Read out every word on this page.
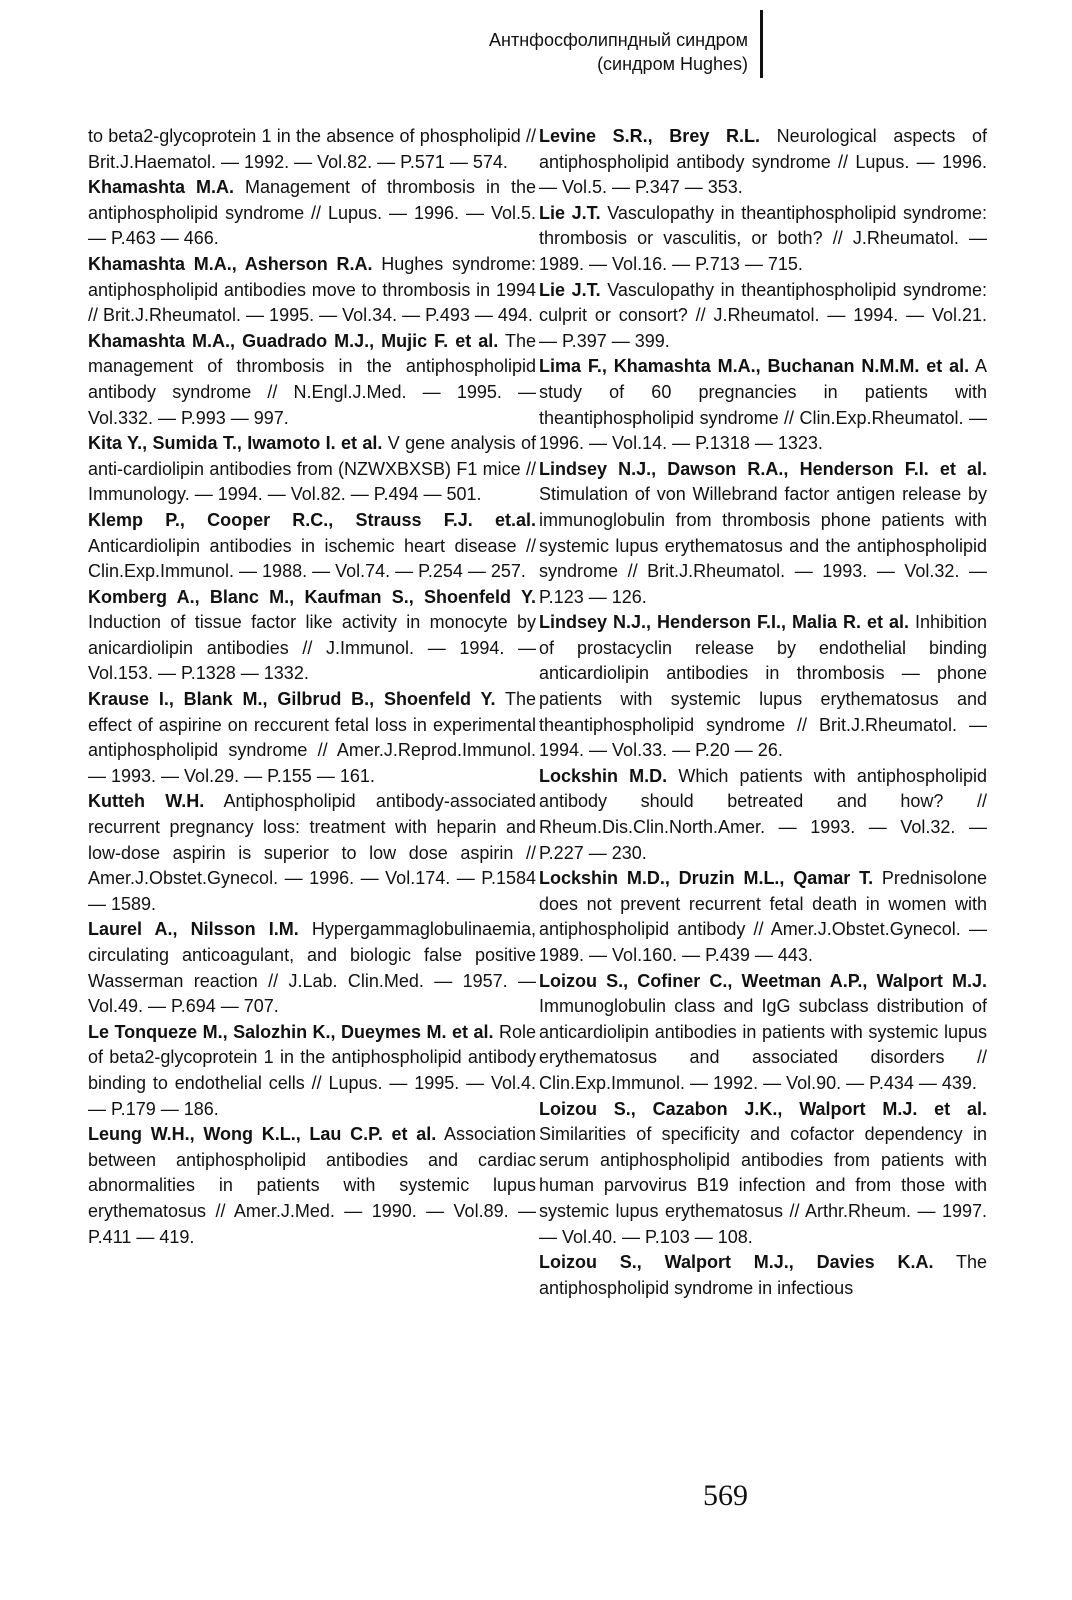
Антнфосфолипндный синдром
(синдром Hughes)

to beta2-glycoprotein 1 in the absence of phospholipid // Brit.J.Haematol. — 1992. — Vol.82. — P.571 — 574.

Khamashta M.A. Management of thrombosis in the antiphospholipid syndrome // Lupus. — 1996. — Vol.5. — P.463 — 466.

Khamashta M.A., Asherson R.A. Hughes syndrome: antiphospholipid antibodies move to thrombosis in 1994 // Brit.J.Rheumatol. — 1995. — Vol.34. — P.493 — 494.

Khamashta M.A., Guadrado M.J., Mujic F. et al. The management of thrombosis in the antiphospholipid antibody syndrome // N.Engl.J.Med. — 1995. — Vol.332. — P.993 — 997.

Kita Y., Sumida T., Iwamoto I. et al. V gene analysis of anti-cardiolipin antibodies from (NZWXBXSB) F1 mice // Immunology. — 1994. — Vol.82. — P.494 — 501.

Klemp P., Cooper R.C., Strauss F.J. et.al. Anticardiolipin antibodies in ischemic heart disease // Clin.Exp.Immunol. — 1988. — Vol.74. — P.254 — 257.

Komberg A., Blanc M., Kaufman S., Shoenfeld Y. Induction of tissue factor like activity in monocyte by anicardiolipin antibodies // J.Immunol. — 1994. — Vol.153. — P.1328 — 1332.

Krause I., Blank M., Gilbrud B., Shoenfeld Y. The effect of aspirine on reccurent fetal loss in experimental antiphospholipid syndrome // Amer.J.Reprod.Immunol. — 1993. — Vol.29. — P.155 — 161.

Kutteh W.H. Antiphospholipid antibody-associated recurrent pregnancy loss: treatment with heparin and low-dose aspirin is superior to low dose aspirin // Amer.J.Obstet.Gynecol. — 1996. — Vol.174. — P.1584 — 1589.

Laurel A., Nilsson I.M. Hypergammaglobulinaemia, circulating anticoagulant, and biologic false positive Wasserman reaction // J.Lab. Clin.Med. — 1957. — Vol.49. — P.694 — 707.

Le Tonqueze M., Salozhin K., Dueymes M. et al. Role of beta2-glycoprotein 1 in the antiphospholipid antibody binding to endothelial cells // Lupus. — 1995. — Vol.4. — P.179 — 186.

Leung W.H., Wong K.L., Lau C.P. et al. Association between antiphospholipid antibodies and cardiac abnormalities in patients with systemic lupus erythematosus // Amer.J.Med. — 1990. — Vol.89. — P.411 — 419.

Levine S.R., Brey R.L. Neurological aspects of antiphospholipid antibody syndrome // Lupus. — 1996. — Vol.5. — P.347 — 353.

Lie J.T. Vasculopathy in theantiphospholipid syndrome: thrombosis or vasculitis, or both? // J.Rheumatol. — 1989. — Vol.16. — P.713 — 715.

Lie J.T. Vasculopathy in theantiphospholipid syndrome: culprit or consort? // J.Rheumatol. — 1994. — Vol.21. — P.397 — 399.

Lima F., Khamashta M.A., Buchanan N.M.M. et al. A study of 60 pregnancies in patients with theantiphospholipid syndrome // Clin.Exp.Rheumatol. — 1996. — Vol.14. — P.1318 — 1323.

Lindsey N.J., Dawson R.A., Henderson F.I. et al. Stimulation of von Willebrand factor antigen release by immunoglobulin from thrombosis phone patients with systemic lupus erythematosus and the antiphospholipid syndrome // Brit.J.Rheumatol. — 1993. — Vol.32. — P.123 — 126.

Lindsey N.J., Henderson F.I., Malia R. et al. Inhibition of prostacyclin release by endothelial binding anticardiolipin antibodies in thrombosis — phone patients with systemic lupus erythematosus and theantiphospholipid syndrome // Brit.J.Rheumatol. — 1994. — Vol.33. — P.20 — 26.

Lockshin M.D. Which patients with antiphospholipid antibody should betreated and how? // Rheum.Dis.Clin.North.Amer. — 1993. — Vol.32. — P.227 — 230.

Lockshin M.D., Druzin M.L., Qamar T. Prednisolone does not prevent recurrent fetal death in women with antiphospholipid antibody // Amer.J.Obstet.Gynecol. — 1989. — Vol.160. — P.439 — 443.

Loizou S., Cofiner C., Weetman A.P., Walport M.J. Immunoglobulin class and IgG subclass distribution of anticardiolipin antibodies in patients with systemic lupus erythematosus and associated disorders // Clin.Exp.Immunol. — 1992. — Vol.90. — P.434 — 439.

Loizou S., Cazabon J.K., Walport M.J. et al. Similarities of specificity and cofactor dependency in serum antiphospholipid antibodies from patients with human parvovirus B19 infection and from those with systemic lupus erythematosus // Arthr.Rheum. — 1997. — Vol.40. — P.103 — 108.

Loizou S., Walport M.J., Davies K.A. The antiphospholipid syndrome in infectious

569
